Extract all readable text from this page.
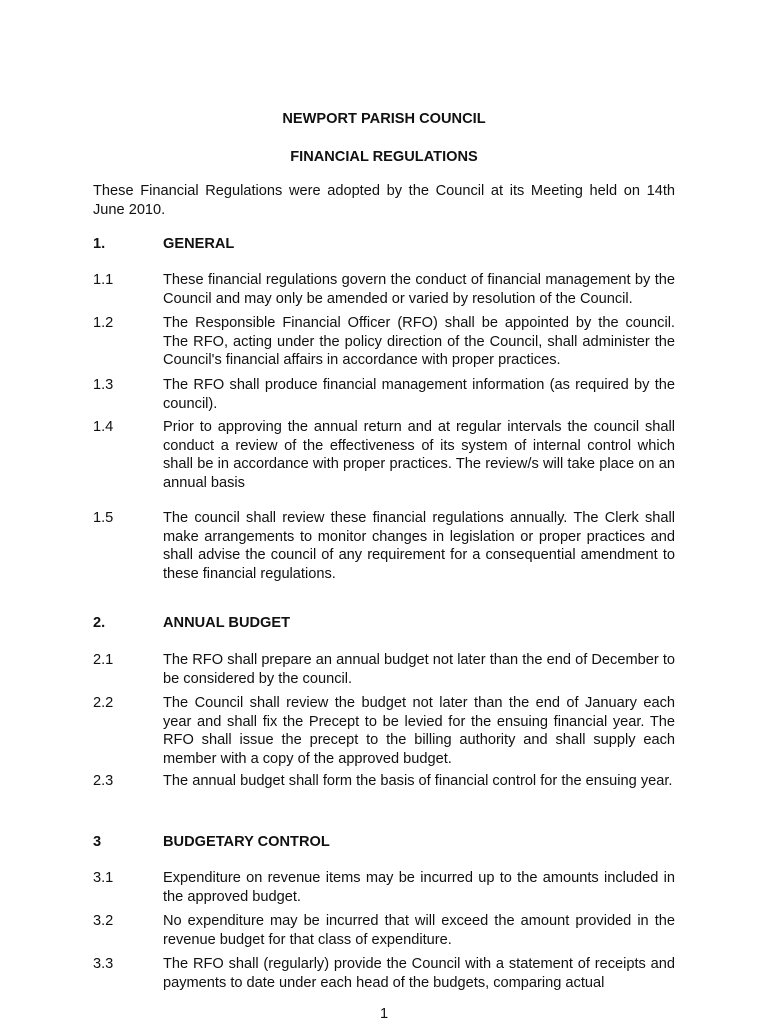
NEWPORT PARISH COUNCIL
FINANCIAL REGULATIONS
These Financial Regulations were adopted by the Council at its Meeting held on 14th June 2010.
1.	GENERAL
1.1	These financial regulations govern the conduct of financial management by the Council and may only be amended or varied by resolution of the Council.
1.2	The Responsible Financial Officer (RFO) shall be appointed by the council. The RFO, acting under the policy direction of the Council, shall administer the Council's financial affairs in accordance with proper practices.
1.3	The RFO shall produce financial management information (as required by the council).
1.4	Prior to approving the annual return and at regular intervals the council shall conduct a review of the effectiveness of its system of internal control which shall be in accordance with proper practices. The review/s will take place on an annual basis
1.5	The council shall review these financial regulations annually. The Clerk shall make arrangements to monitor changes in legislation or proper practices and shall advise the council of any requirement for a consequential amendment to these financial regulations.
2.	ANNUAL BUDGET
2.1	The RFO shall prepare an annual budget not later than the end of December to be considered by the council.
2.2	The Council shall review the budget not later than the end of January each year and shall fix the Precept to be levied for the ensuing financial year. The RFO shall issue the precept to the billing authority and shall supply each member with a copy of the approved budget.
2.3	The annual budget shall form the basis of financial control for the ensuing year.
3	BUDGETARY CONTROL
3.1	Expenditure on revenue items may be incurred up to the amounts included in the approved budget.
3.2	No expenditure may be incurred that will exceed the amount provided in the revenue budget for that class of expenditure.
3.3	The RFO shall (regularly) provide the Council with a statement of receipts and payments to date under each head of the budgets, comparing actual
1
